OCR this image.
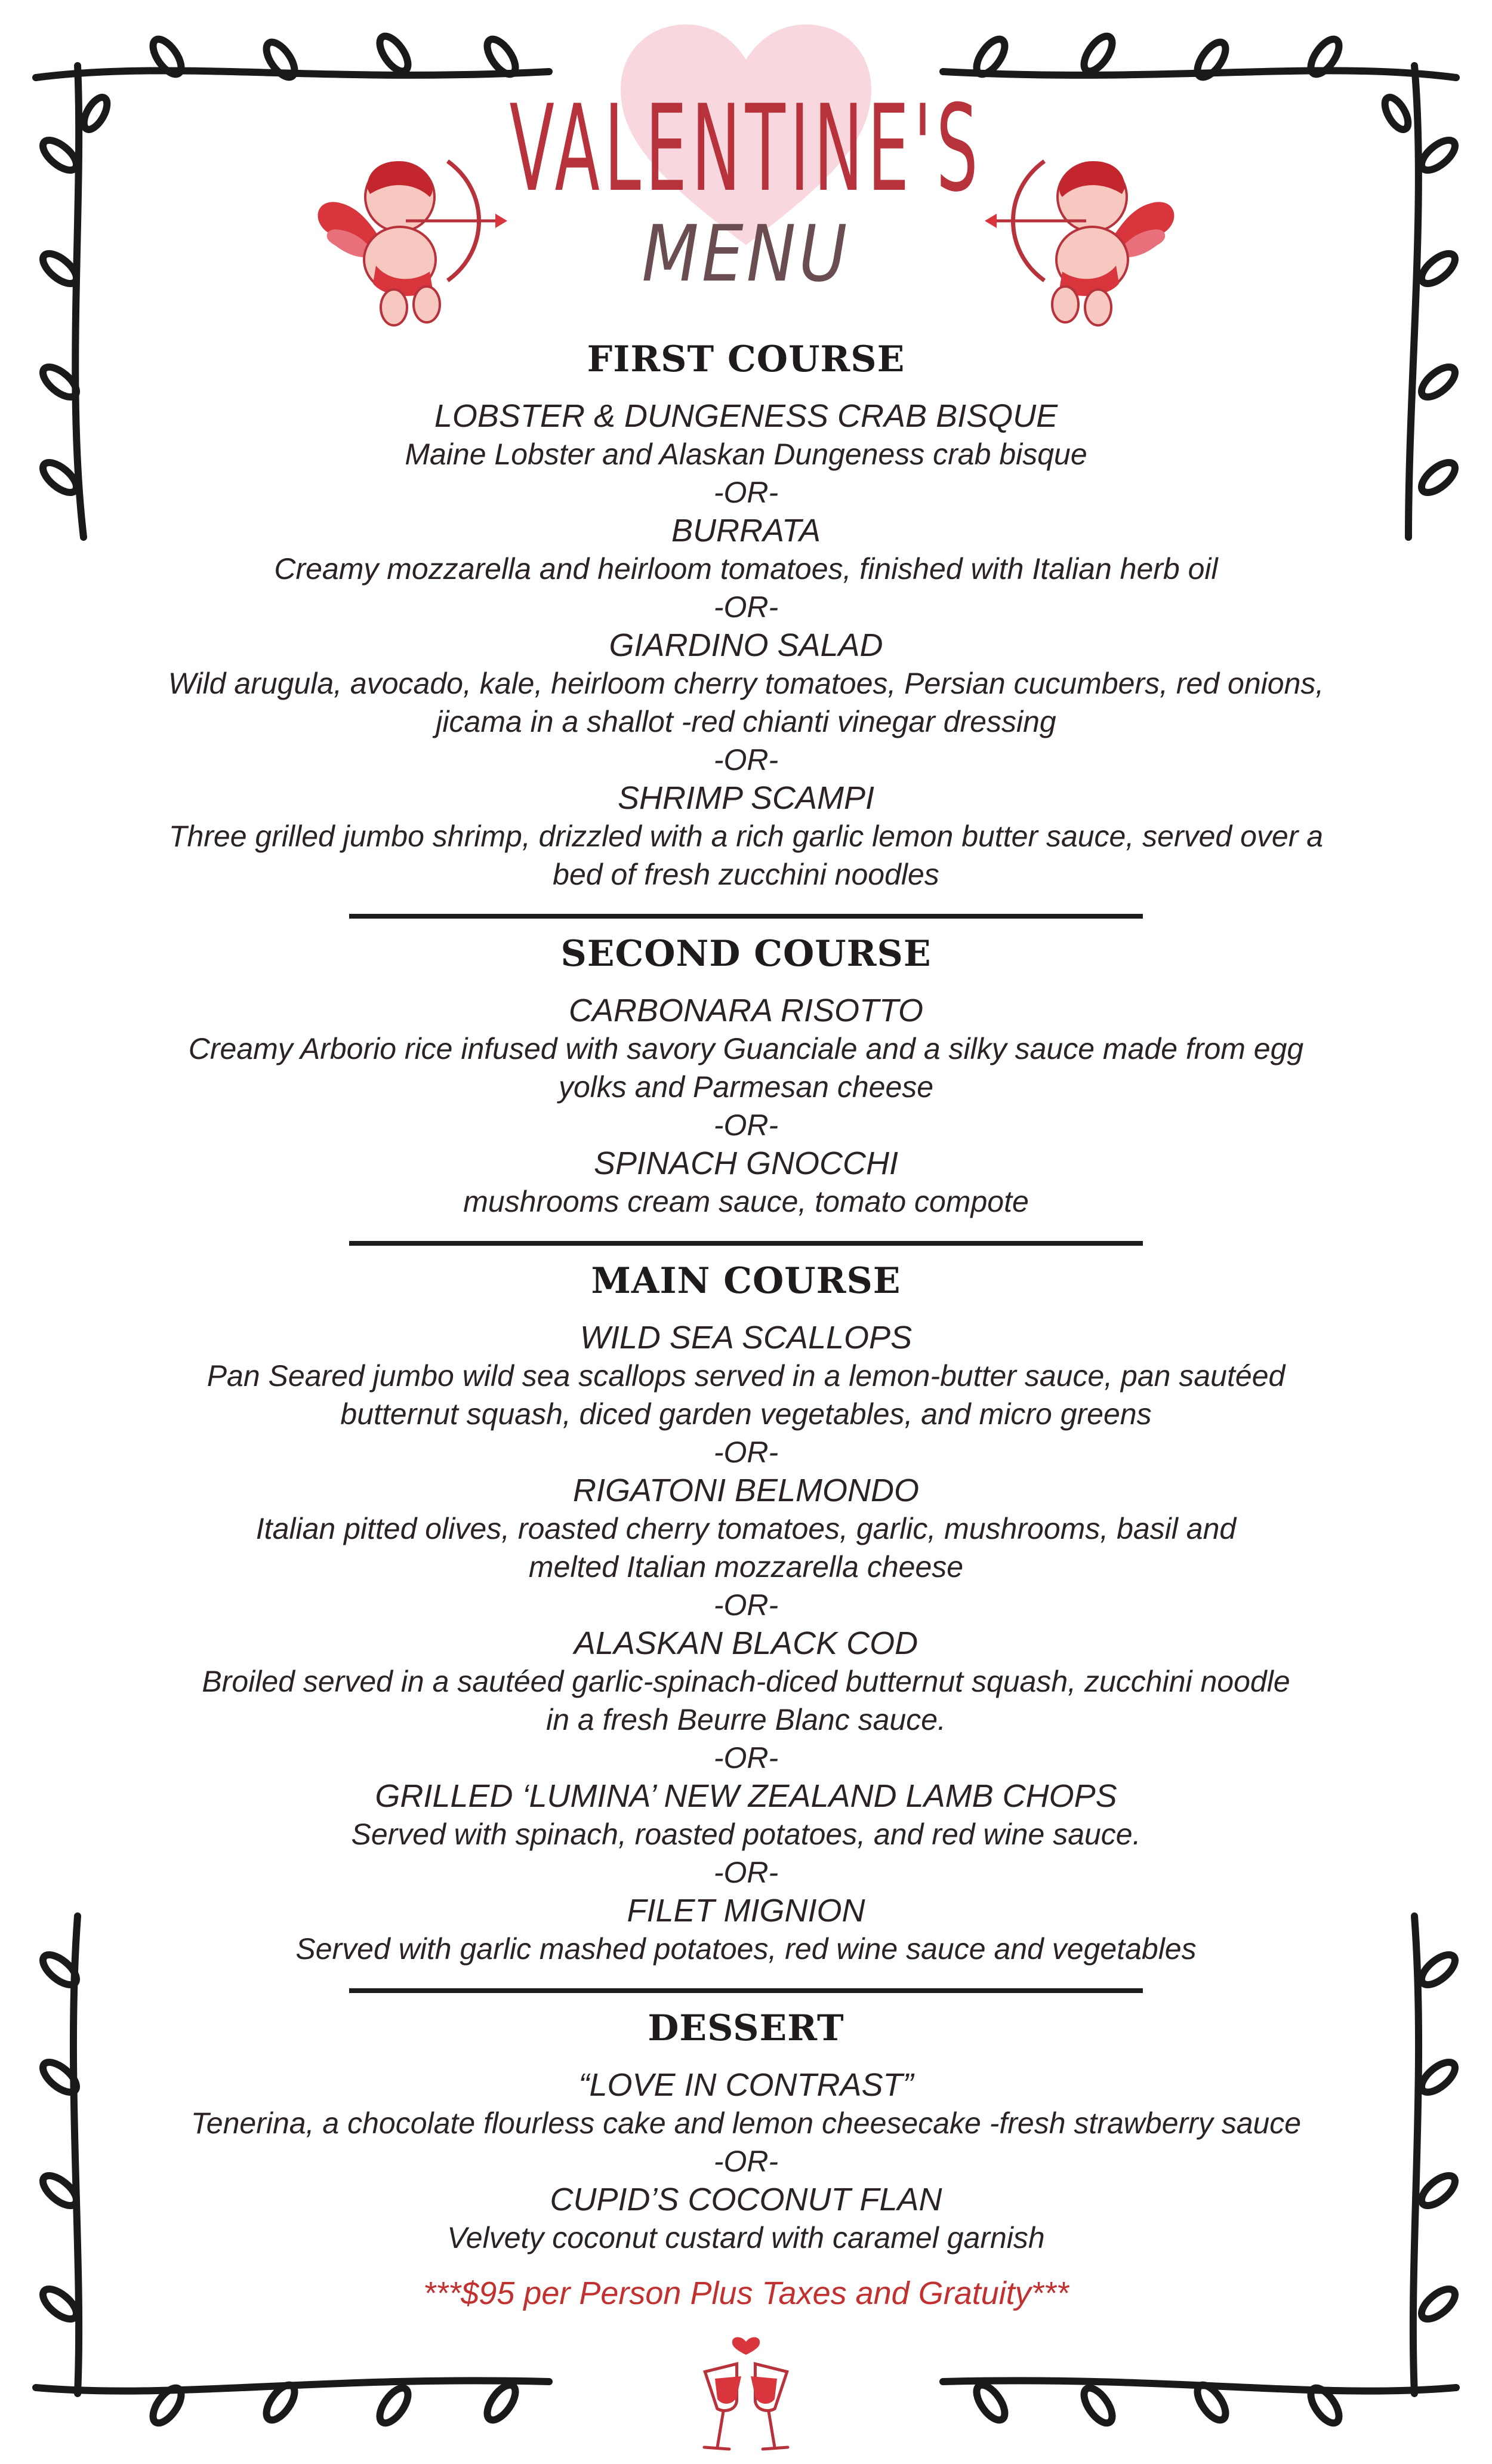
VALENTINE'S
MENU
FIRST COURSE
LOBSTER & DUNGENESS CRAB BISQUE
Maine Lobster and Alaskan Dungeness crab bisque
-OR-
BURRATA
Creamy mozzarella and heirloom tomatoes, finished with Italian herb oil
-OR-
GIARDINO SALAD
Wild arugula, avocado, kale, heirloom cherry tomatoes, Persian cucumbers, red onions, jicama in a shallot -red chianti vinegar dressing
-OR-
SHRIMP SCAMPI
Three grilled jumbo shrimp, drizzled with a rich garlic lemon butter sauce, served over a bed of fresh zucchini noodles
SECOND COURSE
CARBONARA RISOTTO
Creamy Arborio rice infused with savory Guanciale and a silky sauce made from egg yolks and Parmesan cheese
-OR-
SPINACH GNOCCHI
mushrooms cream sauce, tomato compote
MAIN COURSE
WILD SEA SCALLOPS
Pan Seared jumbo wild sea scallops served in a lemon-butter sauce, pan sautéed butternut squash, diced garden vegetables, and micro greens
-OR-
RIGATONI BELMONDO
Italian pitted olives, roasted cherry tomatoes, garlic, mushrooms, basil and melted Italian mozzarella cheese
-OR-
ALASKAN BLACK COD
Broiled served in a sautéed garlic-spinach-diced butternut squash, zucchini noodle in a fresh Beurre Blanc sauce.
-OR-
GRILLED ‘LUMINA’ NEW ZEALAND LAMB CHOPS
Served with spinach, roasted potatoes, and red wine sauce.
-OR-
FILET MIGNION
Served with garlic mashed potatoes, red wine sauce and vegetables
DESSERT
“LOVE IN CONTRAST”
Tenerina, a chocolate flourless cake and lemon cheesecake -fresh strawberry sauce
-OR-
CUPID’S COCONUT FLAN
Velvety coconut custard with caramel garnish
***$95 per Person Plus Taxes and Gratuity***
